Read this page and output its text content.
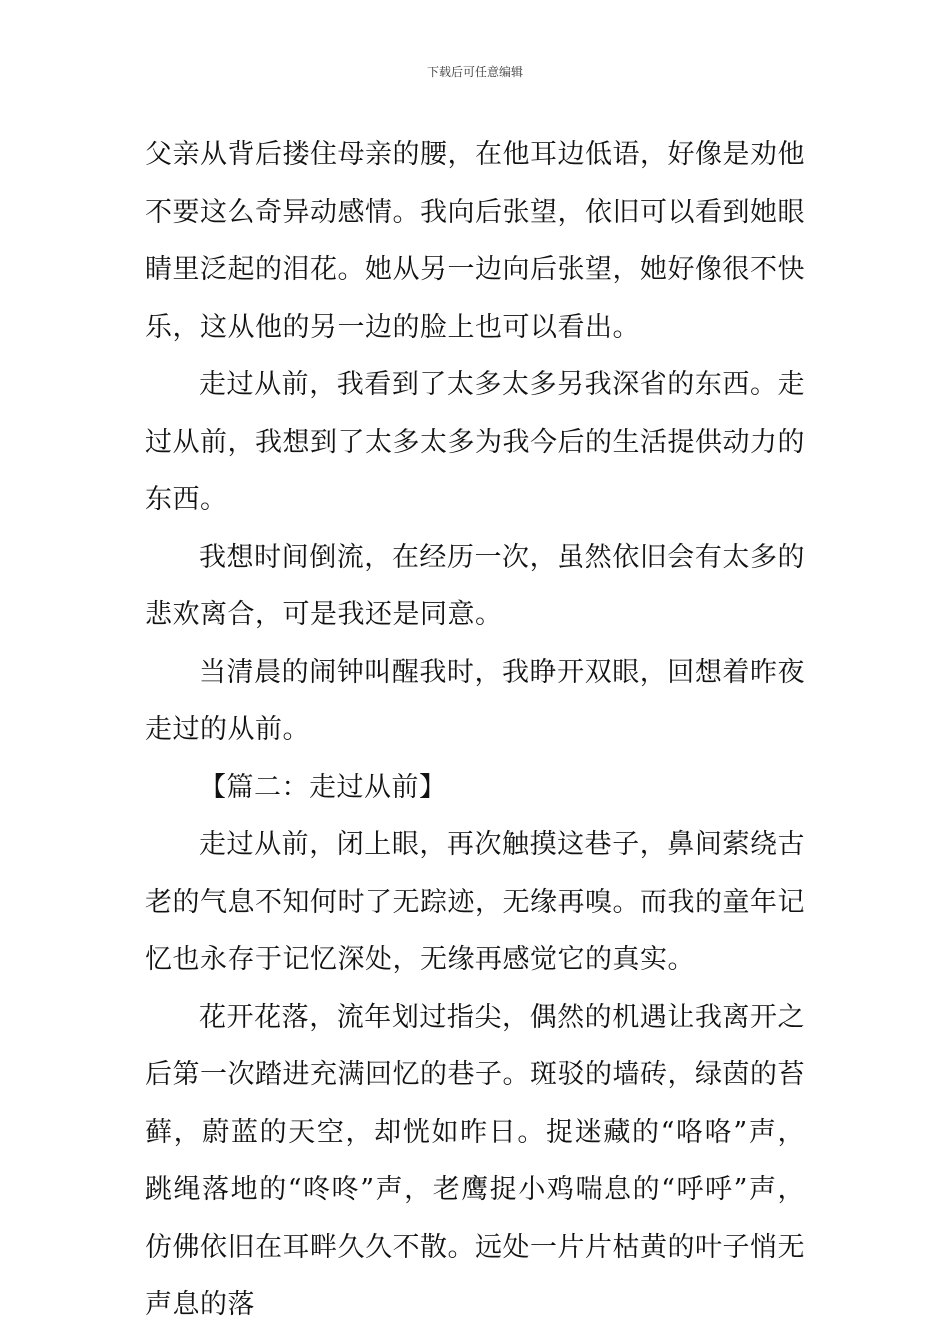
下载后可任意编辑

父亲从背后搂住母亲的腰，在他耳边低语，好像是劝他不要这么奇异动感情。我向后张望，依旧可以看到她眼睛里泛起的泪花。她从另一边向后张望，她好像很不快乐，这从他的另一边的脸上也可以看出。

走过从前，我看到了太多太多另我深省的东西。走过从前，我想到了太多太多为我今后的生活提供动力的东西。

我想时间倒流，在经历一次，虽然依旧会有太多的悲欢离合，可是我还是同意。

当清晨的闹钟叫醒我时，我睁开双眼，回想着昨夜走过的从前。

【篇二：走过从前】

走过从前，闭上眼，再次触摸这巷子，鼻间萦绕古老的气息不知何时了无踪迹，无缘再嗅。而我的童年记忆也永存于记忆深处，无缘再感觉它的真实。

花开花落，流年划过指尖，偶然的机遇让我离开之后第一次踏进充满回忆的巷子。斑驳的墙砖，绿茵的苔藓，蔚蓝的天空，却恍如昨日。捉迷藏的“咯咯”声，跳绳落地的“咚咚”声，老鹰捉小鸡喘息的“呼呼”声，仿佛依旧在耳畔久久不散。远处一片片枯黄的叶子悄无声息的落
